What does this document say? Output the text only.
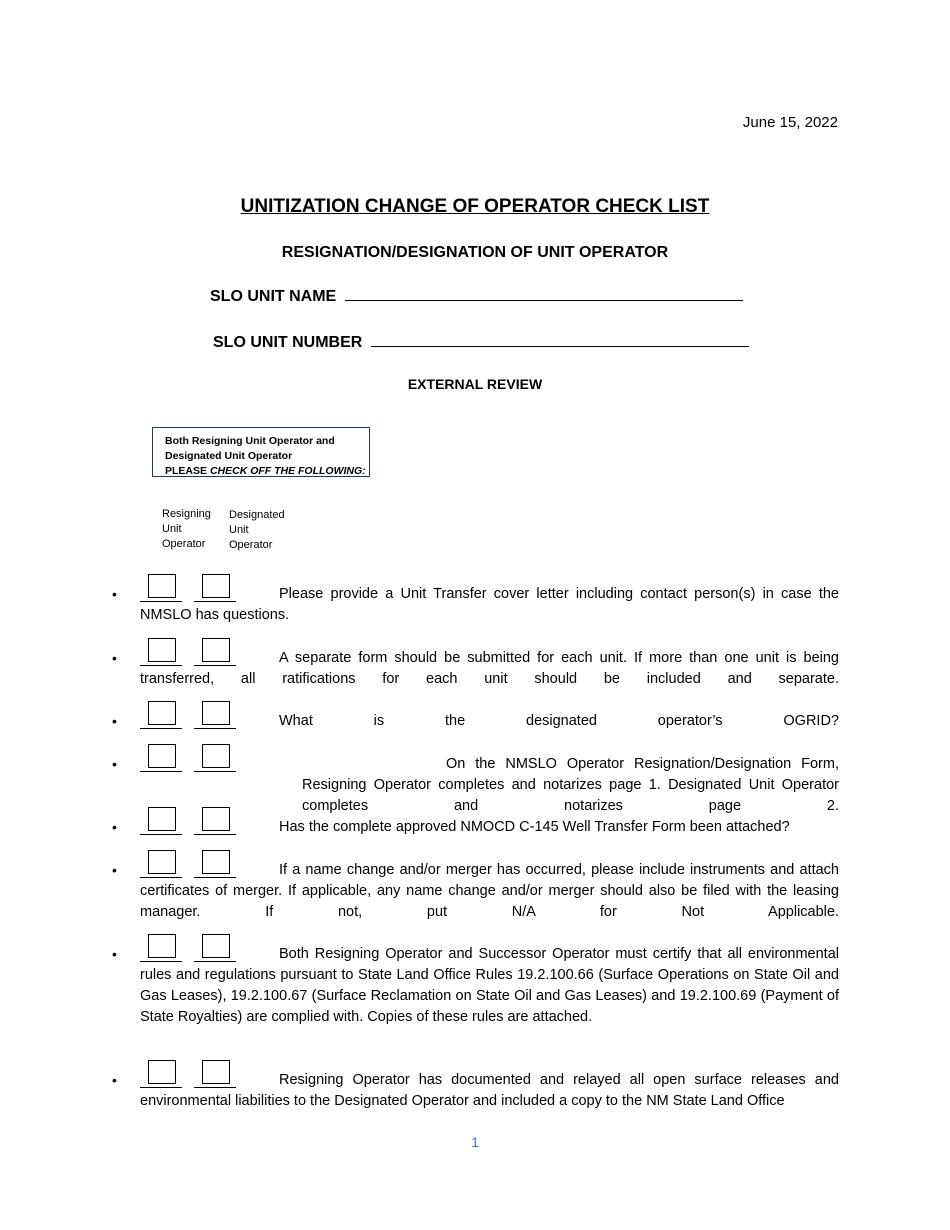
June 15, 2022
UNITIZATION CHANGE OF OPERATOR CHECK LIST
RESIGNATION/DESIGNATION OF UNIT OPERATOR
SLO UNIT NAME
SLO UNIT NUMBER
EXTERNAL REVIEW
Both Resigning Unit Operator and
Designated Unit Operator
PLEASE CHECK OFF THE FOLLOWING:
Resigning
Unit
Operator
Designated
Unit
Operator
•	Please provide a Unit Transfer cover letter including contact person(s) in case the NMSLO has questions.
•	A separate form should be submitted for each unit. If more than one unit is being transferred, all ratifications for each unit should be included and separate.
•	What is the designated operator’s OGRID?
•	On the NMSLO Operator Resignation/Designation Form, Resigning Operator completes and notarizes page 1. Designated Unit Operator completes and notarizes page 2.
•	Has the complete approved NMOCD C-145 Well Transfer Form been attached?
•	If a name change and/or merger has occurred, please include instruments and attach certificates of merger. If applicable, any name change and/or merger should also be filed with the leasing manager. If not, put N/A for Not Applicable.
•	Both Resigning Operator and Successor Operator must certify that all environmental rules and regulations pursuant to State Land Office Rules 19.2.100.66 (Surface Operations on State Oil and Gas Leases), 19.2.100.67 (Surface Reclamation on State Oil and Gas Leases) and 19.2.100.69 (Payment of State Royalties) are complied with. Copies of these rules are attached.
•	Resigning Operator has documented and relayed all open surface releases and environmental liabilities to the Designated Operator and included a copy to the NM State Land Office
1
